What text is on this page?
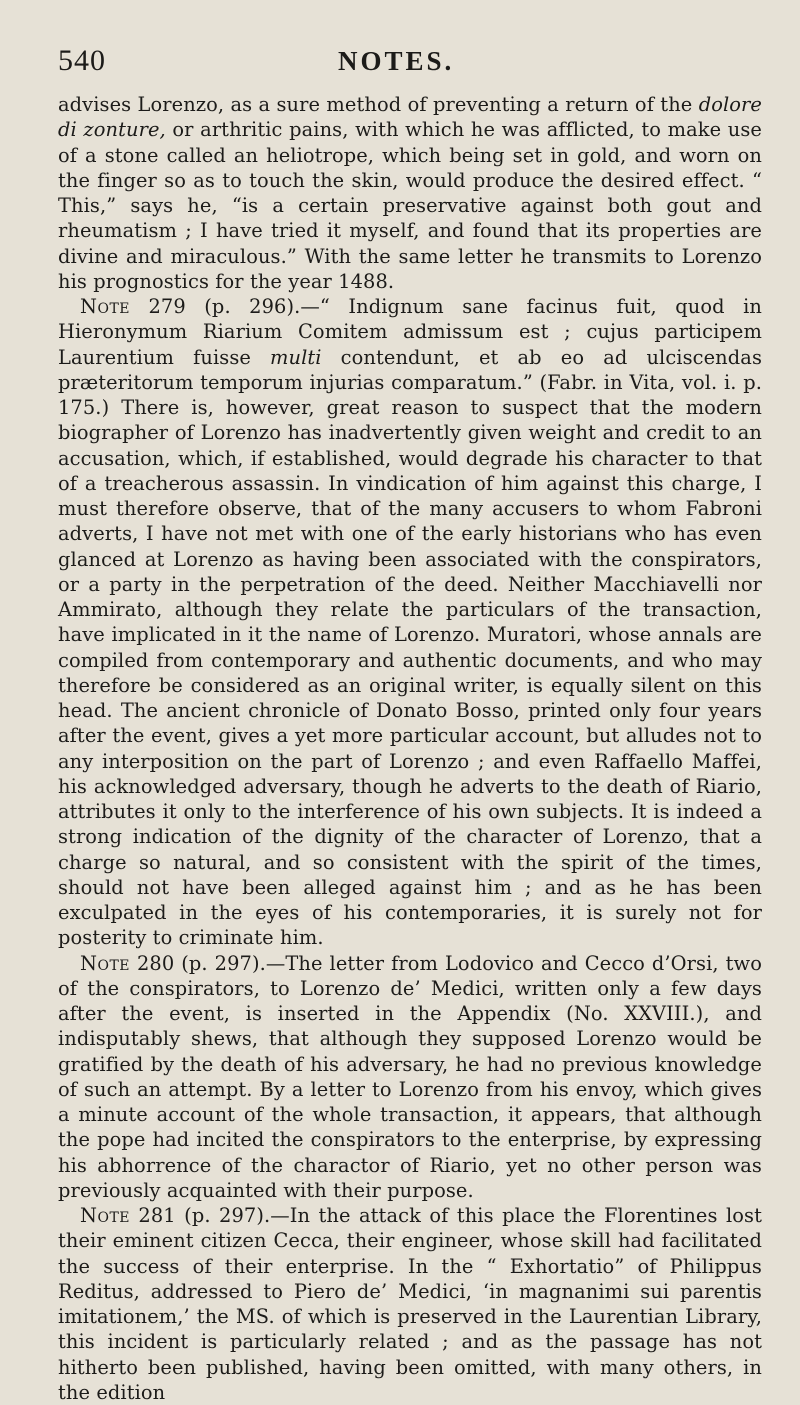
540	NOTES.

advises Lorenzo, as a sure method of preventing a return of the dolore di zonture, or arthritic pains, with which he was afflicted, to make use of a stone called an heliotrope, which being set in gold, and worn on the finger so as to touch the skin, would produce the desired effect. “ This,” says he, “is a certain preservative against both gout and rheumatism ; I have tried it myself, and found that its properties are divine and miraculous.” With the same letter he transmits to Lorenzo his prognostics for the year 1488.

Note 279 (p. 296).—“ Indignum sane facinus fuit, quod in Hieronymum Riarium Comitem admissum est ; cujus participem Laurentium fuisse multi contendunt, et ab eo ad ulciscendas præteritorum temporum injurias comparatum.” (Fabr. in Vita, vol. i. p. 175.) There is, however, great reason to suspect that the modern biographer of Lorenzo has inadvertently given weight and credit to an accusation, which, if established, would degrade his character to that of a treacherous assassin. In vindication of him against this charge, I must therefore observe, that of the many accusers to whom Fabroni adverts, I have not met with one of the early historians who has even glanced at Lorenzo as having been associated with the conspirators, or a party in the perpetration of the deed. Neither Macchiavelli nor Ammirato, although they relate the particulars of the transaction, have implicated in it the name of Lorenzo. Muratori, whose annals are compiled from contemporary and authentic documents, and who may therefore be considered as an original writer, is equally silent on this head. The ancient chronicle of Donato Bosso, printed only four years after the event, gives a yet more particular account, but alludes not to any interposition on the part of Lorenzo ; and even Raffaello Maffei, his acknowledged adversary, though he adverts to the death of Riario, attributes it only to the interference of his own subjects. It is indeed a strong indication of the dignity of the character of Lorenzo, that a charge so natural, and so consistent with the spirit of the times, should not have been alleged against him ; and as he has been exculpated in the eyes of his contemporaries, it is surely not for posterity to criminate him.

Note 280 (p. 297).—The letter from Lodovico and Cecco d’Orsi, two of the conspirators, to Lorenzo de’ Medici, written only a few days after the event, is inserted in the Appendix (No. XXVIII.), and indisputably shews, that although they supposed Lorenzo would be gratified by the death of his adversary, he had no previous knowledge of such an attempt. By a letter to Lorenzo from his envoy, which gives a minute account of the whole transaction, it appears, that although the pope had incited the conspirators to the enterprise, by expressing his abhorrence of the charactor of Riario, yet no other person was previously acquainted with their purpose.

Note 281 (p. 297).—In the attack of this place the Florentines lost their eminent citizen Cecca, their engineer, whose skill had facilitated the success of their enterprise. In the “ Exhortatio” of Philippus Reditus, addressed to Piero de’ Medici, ‘in magnanimi sui parentis imitationem,’ the MS. of which is preserved in the Laurentian Library, this incident is particularly related ; and as the passage has not hitherto been published, having been omitted, with many others, in the edition
